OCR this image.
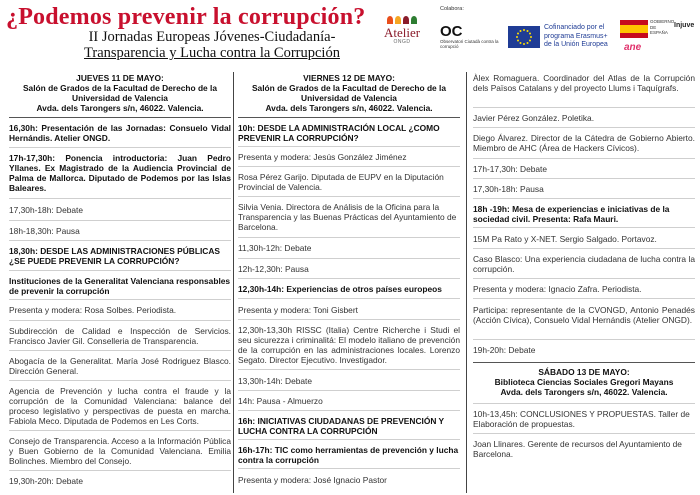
¿Podemos prevenir la corrupción?
II Jornadas Europeas Jóvenes-Ciudadanía-
Transparencia y Lucha contra la Corrupción
Atelier
ONGD
Colabora:
OC
Observatori Ciutadà contra la corrupció
Cofinanciado por el
programa Erasmus+
de la Unión Europea
GOBIERNO DE ESPAÑA
Injuve
ane
JUEVES 11 DE MAYO:
Salón de Grados de la Facultad de Derecho de la Universidad de Valencia
Avda. dels Tarongers s/n, 46022. Valencia.
16,30h: Presentación de las Jornadas: Consuelo Vidal Hernándis. Atelier ONGD.
17h-17,30h: Ponencia introductoria: Juan Pedro Yllanes. Ex Magistrado de la Audiencia Provincial de Palma de Mallorca. Diputado de Podemos por las Islas Baleares.
17,30h-18h: Debate
18h-18,30h: Pausa
18,30h: DESDE LAS ADMINISTRACIONES PÚBLICAS ¿SE PUEDE PREVENIR LA CORRUPCIÓN?
Instituciones de la Generalitat Valenciana responsables de prevenir la corrupción
Presenta y modera: Rosa Solbes. Periodista.
Subdirección de Calidad e Inspección de Servicios. Francisco Javier Gil. Conselleria de Transparencia.
Abogacía de la Generalitat. María José Rodriguez Blasco. Dirección General.
Agencia de Prevención y lucha contra el fraude y la corrupción de la Comunidad Valenciana: balance del proceso legislativo y perspectivas de puesta en marcha. Fabiola Meco. Diputada de Podemos en Les Corts.
Consejo de Transparencia. Acceso a la Información Pública y Buen Gobierno de la Comunidad Valenciana. Emilia Bolinches. Miembro del Consejo.
19,30h-20h: Debate
VIERNES 12 DE MAYO:
Salón de Grados de la Facultad de Derecho de la Universidad de Valencia
Avda. dels Tarongers s/n, 46022. Valencia.
10h: DESDE LA ADMINISTRACIÓN LOCAL ¿COMO PREVENIR LA CORRUPCIÓN?
Presenta y modera: Jesús González Jiménez
Rosa Pérez Garijo. Diputada de EUPV en la Diputación Provincial de Valencia.
Silvia Venia. Directora de Análisis de la Oficina para la Transparencia y las Buenas Prácticas del Ayuntamiento de Barcelona.
11,30h-12h: Debate
12h-12,30h: Pausa
12,30h-14h: Experiencias de otros países europeos
Presenta y modera: Toni Gisbert
12,30h-13,30h RISSC (Italia) Centre Richerche i Studi el seu sicurezza i criminalitá: El modelo italiano de prevención de la corrupción en las administraciones locales. Lorenzo Segato. Director Ejecutivo. Investigador.
13,30h-14h: Debate
14h: Pausa - Almuerzo
16h: INICIATIVAS CIUDADANAS DE PREVENCIÓN Y LUCHA CONTRA LA CORRUPCIÓN
16h-17h: TIC como herramientas de prevención y lucha contra la corrupción
Presenta y modera: José Ignacio Pastor
Àlex Romaguera. Coordinador del Atlas de la Corrupción dels Països Catalans y del proyecto Llums i Taquígrafs.
Javier Pérez González. Poletika.
Diego Álvarez. Director de la Cátedra de Gobierno Abierto. Miembro de AHC (Área de Hackers Cívicos).
17h-17,30h: Debate
17,30h-18h: Pausa
18h -19h: Mesa de experiencias e iniciativas de la sociedad civil. Presenta: Rafa Mauri.
15M Pa Rato y X-NET. Sergio Salgado. Portavoz.
Caso Blasco: Una experiencia ciudadana de lucha contra la corrupción.
Presenta y modera: Ignacio Zafra. Periodista.
Participa: representante de la CVONGD, Antonio Penadés (Acción Cívica), Consuelo Vidal Hernándis (Atelier ONGD).
19h-20h: Debate
SÁBADO 13 DE MAYO:
Biblioteca Ciencias Sociales Gregori Mayans
Avda. dels Tarongers s/n, 46022. Valencia.
10h-13,45h: CONCLUSIONES Y PROPUESTAS. Taller de Elaboración de propuestas.
Joan Llinares. Gerente de recursos del Ayuntamiento de Barcelona.
